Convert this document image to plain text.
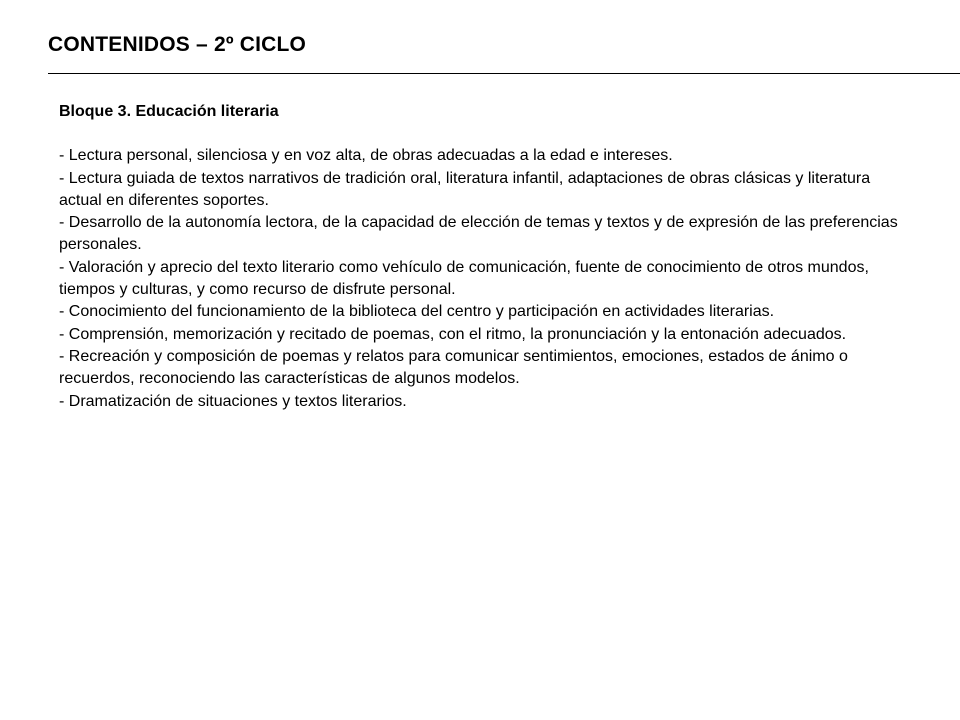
CONTENIDOS – 2º CICLO

Bloque 3. Educación literaria

- Lectura personal, silenciosa y en voz alta, de obras adecuadas a la edad e intereses.
- Lectura guiada de textos narrativos de tradición oral, literatura infantil, adaptaciones de obras clásicas y literatura actual en diferentes soportes.
- Desarrollo de la autonomía lectora, de la capacidad de elección de temas y textos y de expresión de las preferencias personales.
- Valoración y aprecio del texto literario como vehículo de comunicación, fuente de conocimiento de otros mundos, tiempos y culturas, y como recurso de disfrute personal.
- Conocimiento del funcionamiento de la biblioteca del centro y participación en actividades literarias.
- Comprensión, memorización y recitado de poemas, con el ritmo, la pronunciación y la entonación adecuados.
- Recreación y composición de poemas y relatos para comunicar sentimientos, emociones, estados de ánimo o recuerdos, reconociendo las características de algunos modelos.
- Dramatización de situaciones y textos literarios.
